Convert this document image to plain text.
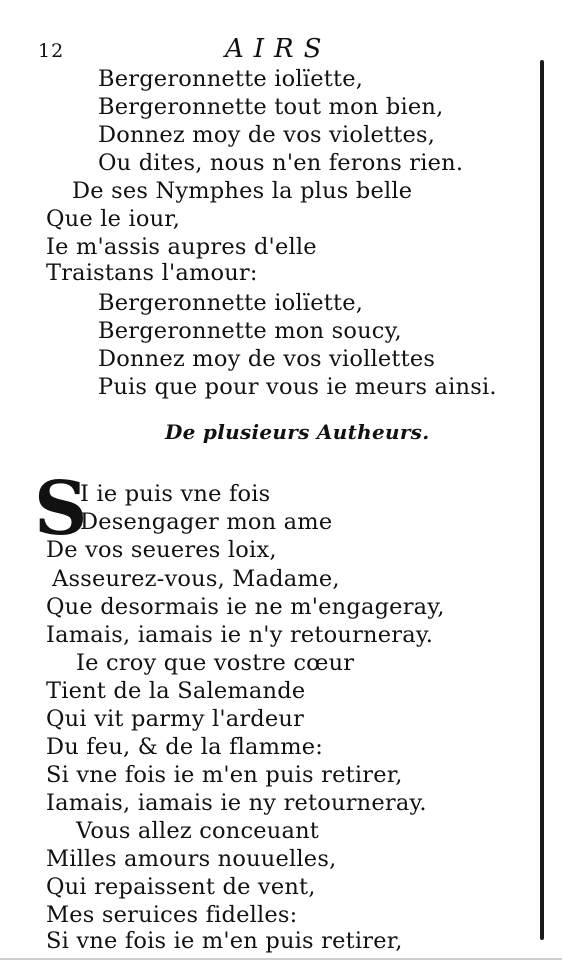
12	AIRS
Bergeronnette iolïette,
Bergeronnette tout mon bien,
Donnez moy de vos violettes,
Ou dites, nous n'en ferons rien.
De ses Nymphes la plus belle
Que le iour,
Ie m'assis aupres d'elle
Traistans l'amour:
Bergeronnette iolïette,
Bergeronnette mon soucy,
Donnez moy de vos viollettes
Puis que pour vous ie meurs ainsi.
De plusieurs Autheurs.
S
I ie puis vne fois
Desengager mon ame
De vos seueres loix,
Asseurez-vous, Madame,
Que desormais ie ne m'engageray,
Iamais, iamais ie n'y retourneray.
Ie croy que vostre cœur
Tient de la Salemande
Qui vit parmy l'ardeur
Du feu, & de la flamme:
Si vne fois ie m'en puis retirer,
Iamais, iamais ie ny retourneray.
Vous allez conceuant
Milles amours nouuelles,
Qui repaissent de vent,
Mes seruices fidelles:
Si vne fois ie m'en puis retirer,
